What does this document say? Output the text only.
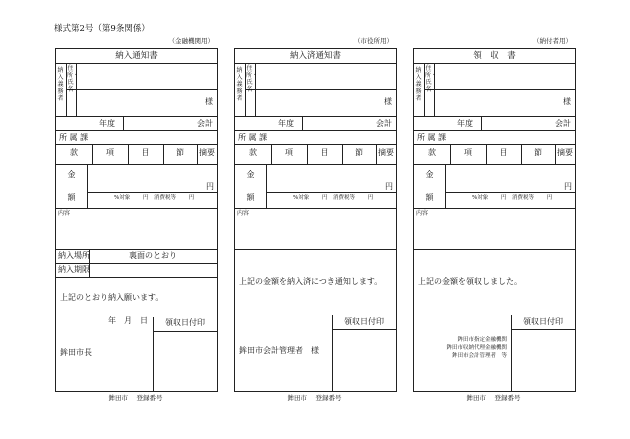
様式第2号（第9条関係）
（金融機関用）
納入通知書
納入義務者
住所・氏名
様
年度	会計
所 属 課
款	項	目	節	摘要
金
額
円
%対象　　 円　消費税等　　 円
内容
納入場所	裏面のとおり
納入期限
上記のとおり納入願います。
年　月　日	領収日付印
鉾田市長
鉾田市　 登録番号
（市役所用）
納入済通知書
納入義務者
住所・氏名
様
年度	会計
所 属 課
款	項	目	節	摘要
金
額
円
%対象　　 円　消費税等　　 円
内容
上記の金額を納入済につき通知します。
領収日付印
鉾田市会計管理者　様
鉾田市　 登録番号
（納付者用）
領　収　書
納入義務者
住所・氏名
様
年度	会計
所 属 課
款	項	目	節	摘要
金
額
円
%対象　　 円　消費税等　　 円
内容
上記の金額を領収しました。
領収日付印
鉾田市指定金融機関
鉾田市収納代理金融機関
鉾田市会計管理者　等
鉾田市　 登録番号
